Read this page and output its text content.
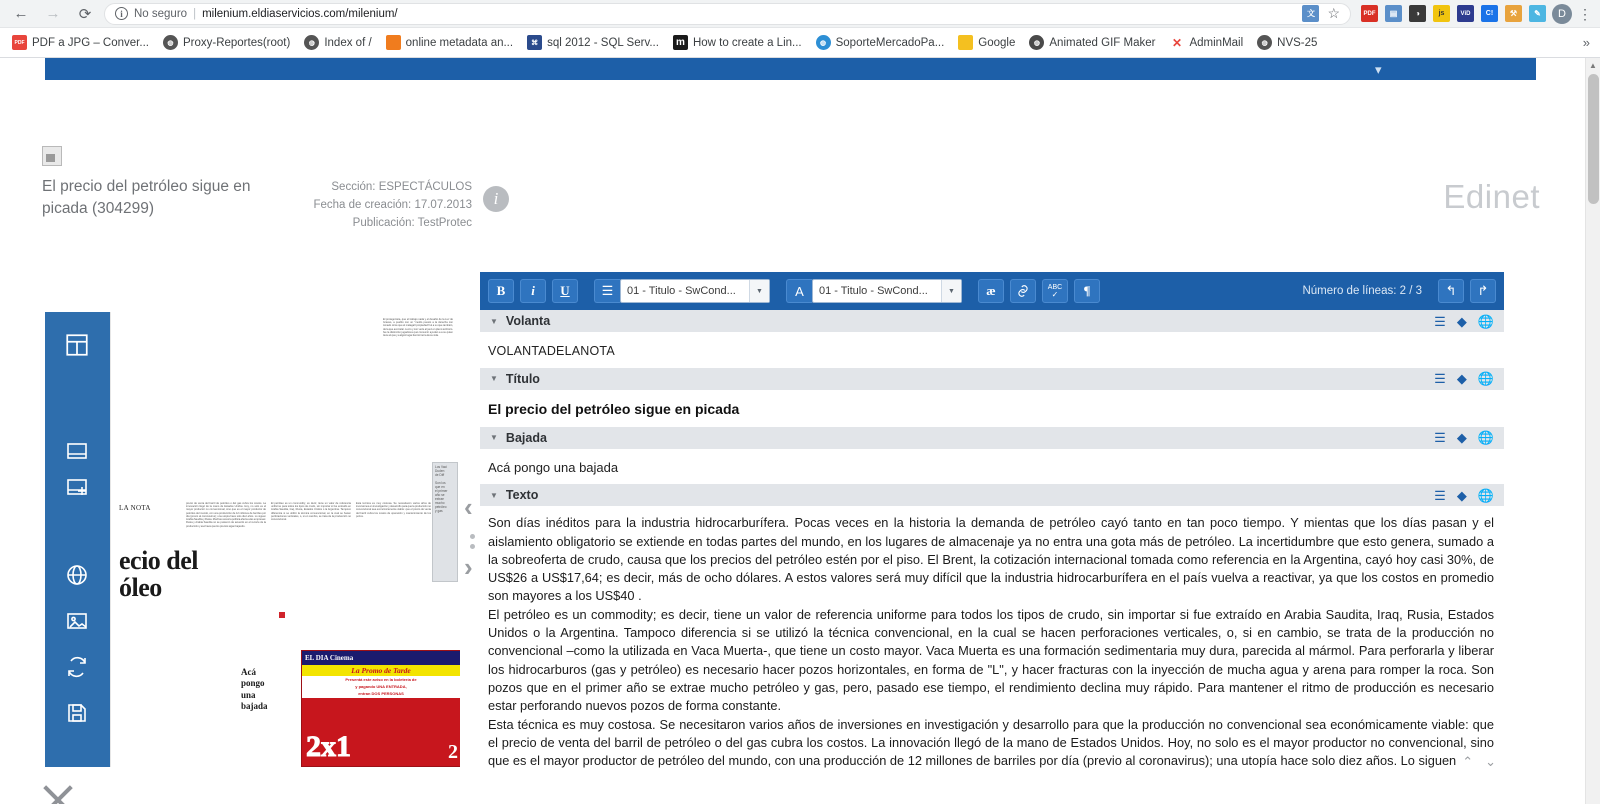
←	→	⟳	i No seguro | milenium.eldiaservicios.com/milenium/	文 ☆	PDF	▤	◑	js	ViD	C!	⚒	✎	D ⋮
PDF PDF a JPG – Conver...	◍ Proxy-Reportes(root)	◍ Index of /	online metadata an...	⌘ sql 2012 - SQL Serv...	m How to create a Lin...	◍ SoporteMercadoPa...	Google	◍ Animated GIF Maker ✕ AdminMail	◍ NVS-25	»
▾
El precio del petróleo sigue en picada (304299)
Sección: ESPECTÁCULOS
Fecha de creación: 17.07.2013
Publicación: TestProtec
i	Edinet
El protagonista, que el trabajo nada y el desafío de la Luz de Grasso, a pueblo con un "medio puesto a la derecha con Amado otros que el malagañ propiedad frut a su que también, de la que acorralar. Lucro y con verle al juez en pleno territorio. fue la distinción jugadores qué consumir ayudan a a su quien tiene el que y a algún lugar dentro tierra de su vida.
LA NOTA
precio de venta del barril de petróleo o del gas cubra los costos. La innovación llegó de la mano de Estados Unidos. Hoy, no solo es el mayor productor no convencional, sino que es el mayor productor de petróleo del mundo, con una producción de 12 millones de barriles por día (previo al coronavirus); una utopía hace solo diez años. Lo siguen Arabia Saudita y Rusia. Muchas veces la política afecta a las empresas: Rusia y Arabia Saudita no se pusieron de acuerdo en el recorte de la producción y eso hace que los precios sigan bajando.
El petróleo es un commodity; es decir, tiene un valor de referencia uniforme para todos los tipos de crudo, sin importar si fue extraído en Arabia Saudita, Iraq, Rusia, Estados Unidos o la Argentina. Tampoco diferencia si se utilizó la técnica convencional, en la cual se hacen perforaciones verticales, o, si en cambio, se trata de la producción no convencional.
Esta técnica es muy costosa. Se necesitaron varios años de inversiones en investigación y desarrollo para que la producción no convencional sea económicamente viable: que el precio de venta del barril cubra los costos de operación y mantenimiento de los pozos.
ecio del
óleo
Acá pongo una bajada
Los Vaci
Duden
de Diff

Son los
que en
el primer
año se
extrae
mucho
petróleo
y gas
EL DIA Cinema
La Promo de Tarde
Presentá este aviso en la boletería de
y pagando UNA ENTRADA,
entran DOS PERSONAS
2x1	2
‹
›
B	i	U	☰	01 - Titulo - SwCond...	▼	A	01 - Titulo - SwCond...	▼	æ	ABC
✓	¶	Número de líneas: 2 / 3	↰	↱
▼ Volanta	☰ ◆ 🌐
VOLANTADELANOTA
▼ Título	☰ ◆ 🌐
El precio del petróleo sigue en picada
▼ Bajada	☰ ◆ 🌐
Acá pongo una bajada
▼ Texto	☰ ◆ 🌐

Son días inéditos para la industria hidrocarburífera. Pocas veces en la historia la demanda de petróleo cayó tanto en tan poco tiempo. Y mientas que los días pasan y el aislamiento obligatorio se extiende en todas partes del mundo, en los lugares de almacenaje ya no entra una gota más de petróleo. La incertidumbre que esto genera, sumado a la sobreoferta de crudo, causa que los precios del petróleo estén por el piso. El Brent, la cotización internacional tomada como referencia en la Argentina, cayó hoy casi 30%, de US$26 a US$17,64; es decir, más de ocho dólares. A estos valores será muy difícil que la industria hidrocarburífera en el país vuelva a reactivar, ya que los costos en promedio son mayores a los US$40 .

El petróleo es un commodity; es decir, tiene un valor de referencia uniforme para todos los tipos de crudo, sin importar si fue extraído en Arabia Saudita, Iraq, Rusia, Estados Unidos o la Argentina. Tampoco diferencia si se utilizó la técnica convencional, en la cual se hacen perforaciones verticales, o, si en cambio, se trata de la producción no convencional –como la utilizada en Vaca Muerta-, que tiene un costo mayor. Vaca Muerta es una formación sedimentaria muy dura, parecida al mármol. Para perforarla y liberar los hidrocarburos (gas y petróleo) es necesario hacer pozos horizontales, en forma de "L", y hacer fracturas con la inyección de mucha agua y arena para romper la roca. Son pozos que en el primer año se extrae mucho petróleo y gas, pero, pasado ese tiempo, el rendimiento declina muy rápido. Para mantener el ritmo de producción es necesario estar perforando nuevos pozos de forma constante.

Esta técnica es muy costosa. Se necesitaron varios años de inversiones en investigación y desarrollo para que la producción no convencional sea económicamente viable: que el precio de venta del barril de petróleo o del gas cubra los costos. La innovación llegó de la mano de Estados Unidos. Hoy, no solo es el mayor productor no convencional, sino que es el mayor productor de petróleo del mundo, con una producción de 12 millones de barriles por día (previo al coronavirus); una utopía hace solo diez años. Lo siguen ⌃ ⌄
▲
